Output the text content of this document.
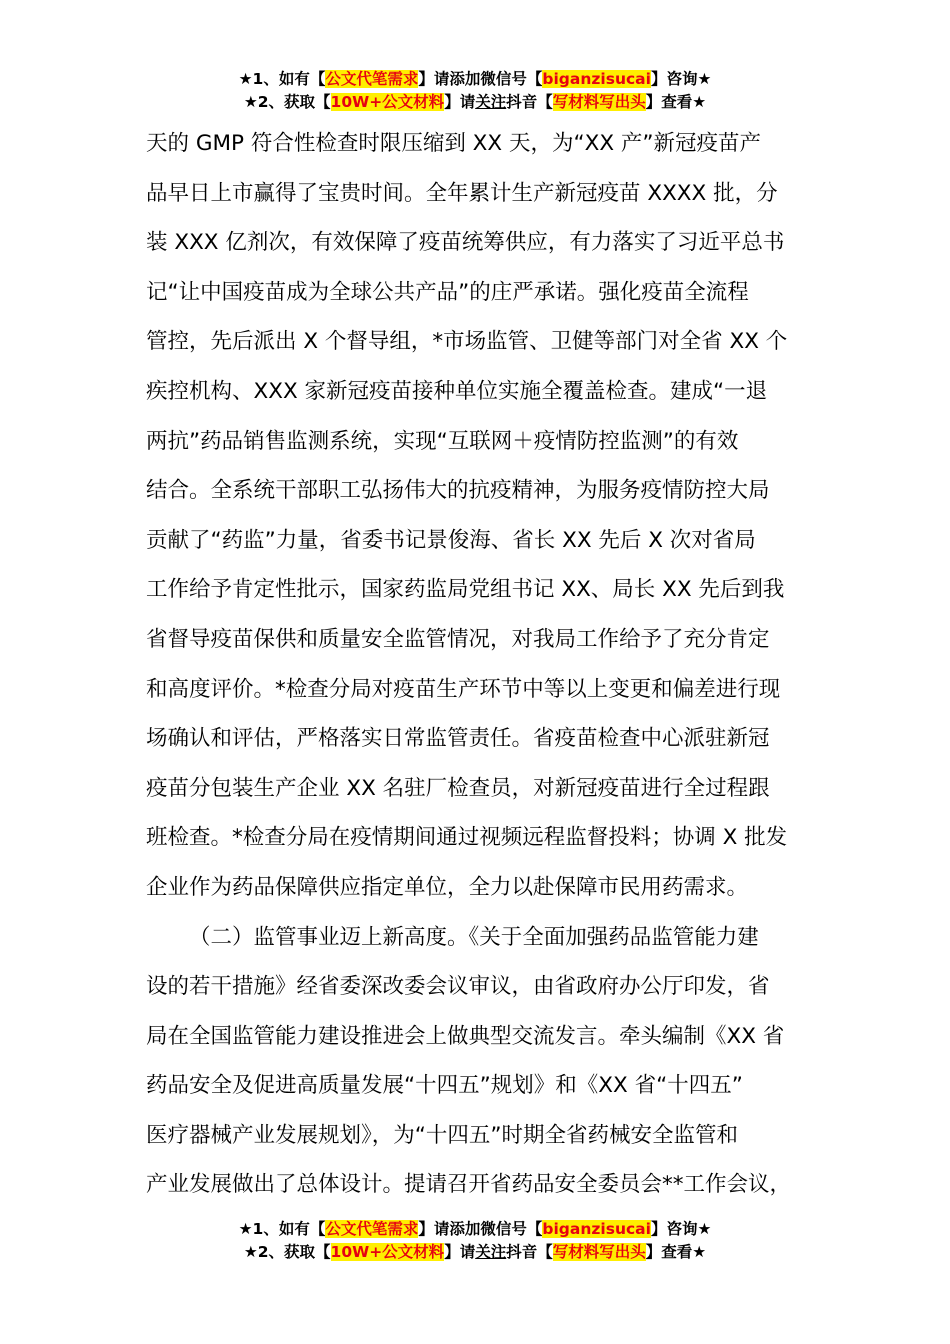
★1、如有【公文代笔需求】请添加微信号【biganzisucai】咨询★
★2、获取【10W+公文材料】请关注抖音【写材料写出头】查看★
天的 GMP 符合性检查时限压缩到 XX 天，为“XX 产”新冠疫苗产
品早日上市赢得了宝贵时间。全年累计生产新冠疫苗 XXXX 批，分
装 XXX 亿剂次，有效保障了疫苗统筹供应，有力落实了习近平总书
记“让中国疫苗成为全球公共产品”的庄严承诺。强化疫苗全流程
管控，先后派出 X 个督导组，*市场监管、卫健等部门对全省 XX 个
疾控机构、XXX 家新冠疫苗接种单位实施全覆盖检查。建成“一退
两抗”药品销售监测系统，实现“互联网＋疫情防控监测”的有效
结合。全系统干部职工弘扬伟大的抗疫精神，为服务疫情防控大局
贡献了“药监”力量，省委书记景俊海、省长 XX 先后 X 次对省局
工作给予肯定性批示，国家药监局党组书记 XX、局长 XX 先后到我
省督导疫苗保供和质量安全监管情况，对我局工作给予了充分肯定
和高度评价。*检查分局对疫苗生产环节中等以上变更和偏差进行现
场确认和评估，严格落实日常监管责任。省疫苗检查中心派驻新冠
疫苗分包装生产企业 XX 名驻厂检查员，对新冠疫苗进行全过程跟
班检查。*检查分局在疫情期间通过视频远程监督投料；协调 X 批发
企业作为药品保障供应指定单位，全力以赴保障市民用药需求。
（二）监管事业迈上新高度。《关于全面加强药品监管能力建
设的若干措施》经省委深改委会议审议，由省政府办公厅印发，省
局在全国监管能力建设推进会上做典型交流发言。牵头编制《XX 省
药品安全及促进高质量发展“十四五”规划》和《XX 省“十四五”
医疗器械产业发展规划》，为“十四五”时期全省药械安全监管和
产业发展做出了总体设计。提请召开省药品安全委员会**工作会议，
★1、如有【公文代笔需求】请添加微信号【biganzisucai】咨询★
★2、获取【10W+公文材料】请关注抖音【写材料写出头】查看★
